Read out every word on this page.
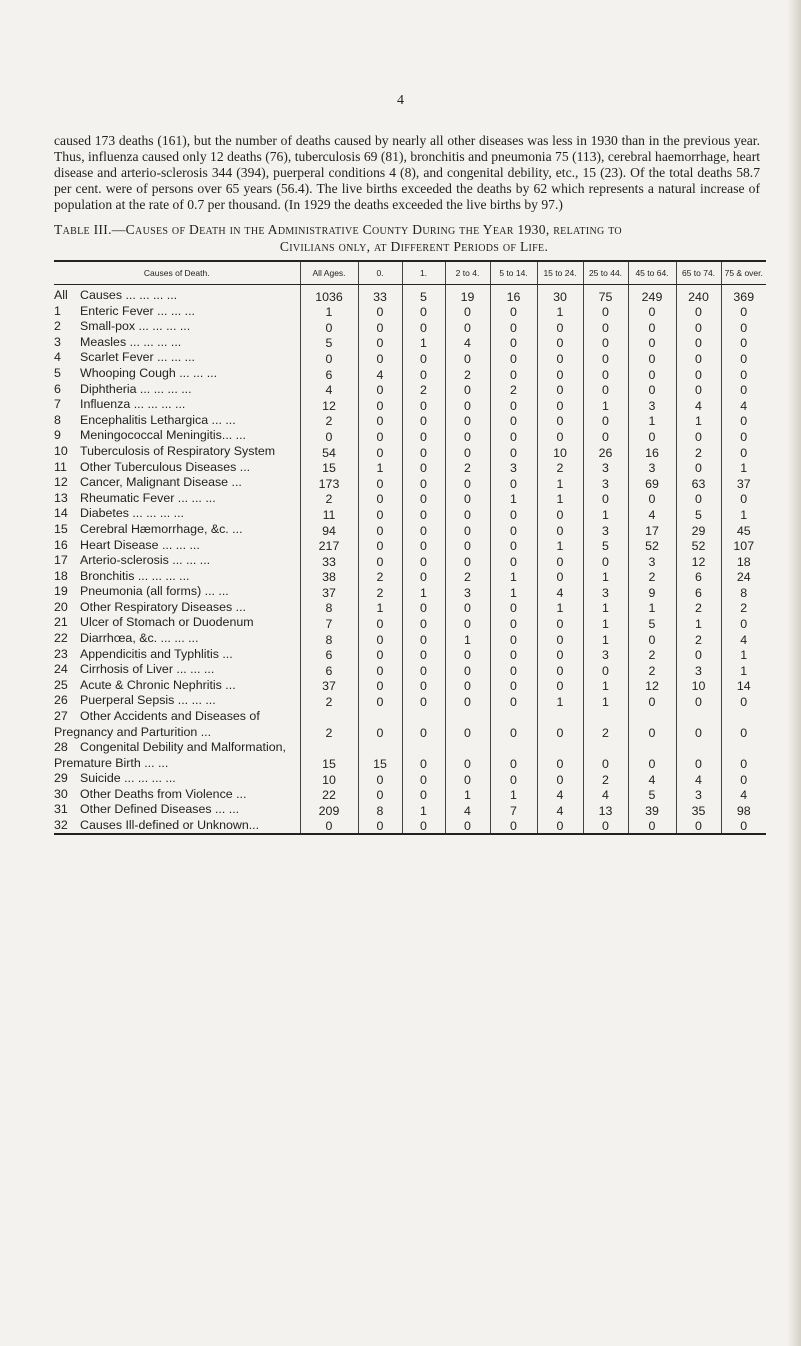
4

caused 173 deaths (161), but the number of deaths caused by nearly all other diseases was less in 1930 than in the previous year. Thus, influenza caused only 12 deaths (76), tuberculosis 69 (81), bronchitis and pneumonia 75 (113), cerebral haemorrhage, heart disease and arterio-sclerosis 344 (394), puerperal conditions 4 (8), and congenital debility, etc., 15 (23). Of the total deaths 58.7 per cent. were of persons over 65 years (56.4). The live births exceeded the deaths by 62 which represents a natural increase of population at the rate of 0.7 per thousand. (In 1929 the deaths exceeded the live births by 97.)

Table III.—Causes of Death in the Administrative County During the Year 1930, relating to
Civilians only, at Different Periods of Life.
Causes of Death.	All Ages.	0.	1.	2 to 4.	5 to 14.	15 to 24.	25 to 44.	45 to 64.	65 to 74.	75 & over.
All Causes ... ... ... ...	1036	33	5	19	16	30	75	249	240	369
1 Enteric Fever ... ... ...	1	0	0	0	0	1	0	0	0	0
2 Small-pox ... ... ... ...	0	0	0	0	0	0	0	0	0	0
3 Measles ... ... ... ...	5	0	1	4	0	0	0	0	0	0
4 Scarlet Fever ... ... ...	0	0	0	0	0	0	0	0	0	0
5 Whooping Cough ... ... ...	6	4	0	2	0	0	0	0	0	0
6 Diphtheria ... ... ... ...	4	0	2	0	2	0	0	0	0	0
7 Influenza ... ... ... ...	12	0	0	0	0	0	1	3	4	4
8 Encephalitis Lethargica ... ...	2	0	0	0	0	0	0	1	1	0
9 Meningococcal Meningitis... ...	0	0	0	0	0	0	0	0	0	0
10 Tuberculosis of Respiratory System	54	0	0	0	0	10	26	16	2	0
11 Other Tuberculous Diseases ...	15	1	0	2	3	2	3	3	0	1
12 Cancer, Malignant Disease ...	173	0	0	0	0	1	3	69	63	37
13 Rheumatic Fever ... ... ...	2	0	0	0	1	1	0	0	0	0
14 Diabetes ... ... ... ...	11	0	0	0	0	0	1	4	5	1
15 Cerebral Hæmorrhage, &c. ...	94	0	0	0	0	0	3	17	29	45
16 Heart Disease ... ... ...	217	0	0	0	0	1	5	52	52	107
17 Arterio-sclerosis ... ... ...	33	0	0	0	0	0	0	3	12	18
18 Bronchitis ... ... ... ...	38	2	0	2	1	0	1	2	6	24
19 Pneumonia (all forms) ... ...	37	2	1	3	1	4	3	9	6	8
20 Other Respiratory Diseases ...	8	1	0	0	0	1	1	1	2	2
21 Ulcer of Stomach or Duodenum	7	0	0	0	0	0	1	5	1	0
22 Diarrhœa, &c. ... ... ...	8	0	0	1	0	0	1	0	2	4
23 Appendicitis and Typhlitis ...	6	0	0	0	0	0	3	2	0	1
24 Cirrhosis of Liver ... ... ...	6	0	0	0	0	0	0	2	3	1
25 Acute & Chronic Nephritis ...	37	0	0	0	0	0	1	12	10	14
26 Puerperal Sepsis ... ... ...	2	0	0	0	0	1	1	0	0	0
27 Other Accidents and Diseases of Pregnancy and Parturition ...	2	0	0	0	0	0	2	0	0	0
28 Congenital Debility and Malformation, Premature Birth ... ...	15	15	0	0	0	0	0	0	0	0
29 Suicide ... ... ... ...	10	0	0	0	0	0	2	4	4	0
30 Other Deaths from Violence ...	22	0	0	1	1	4	4	5	3	4
31 Other Defined Diseases ... ...	209	8	1	4	7	4	13	39	35	98
32 Causes Ill-defined or Unknown...	0	0	0	0	0	0	0	0	0	0
